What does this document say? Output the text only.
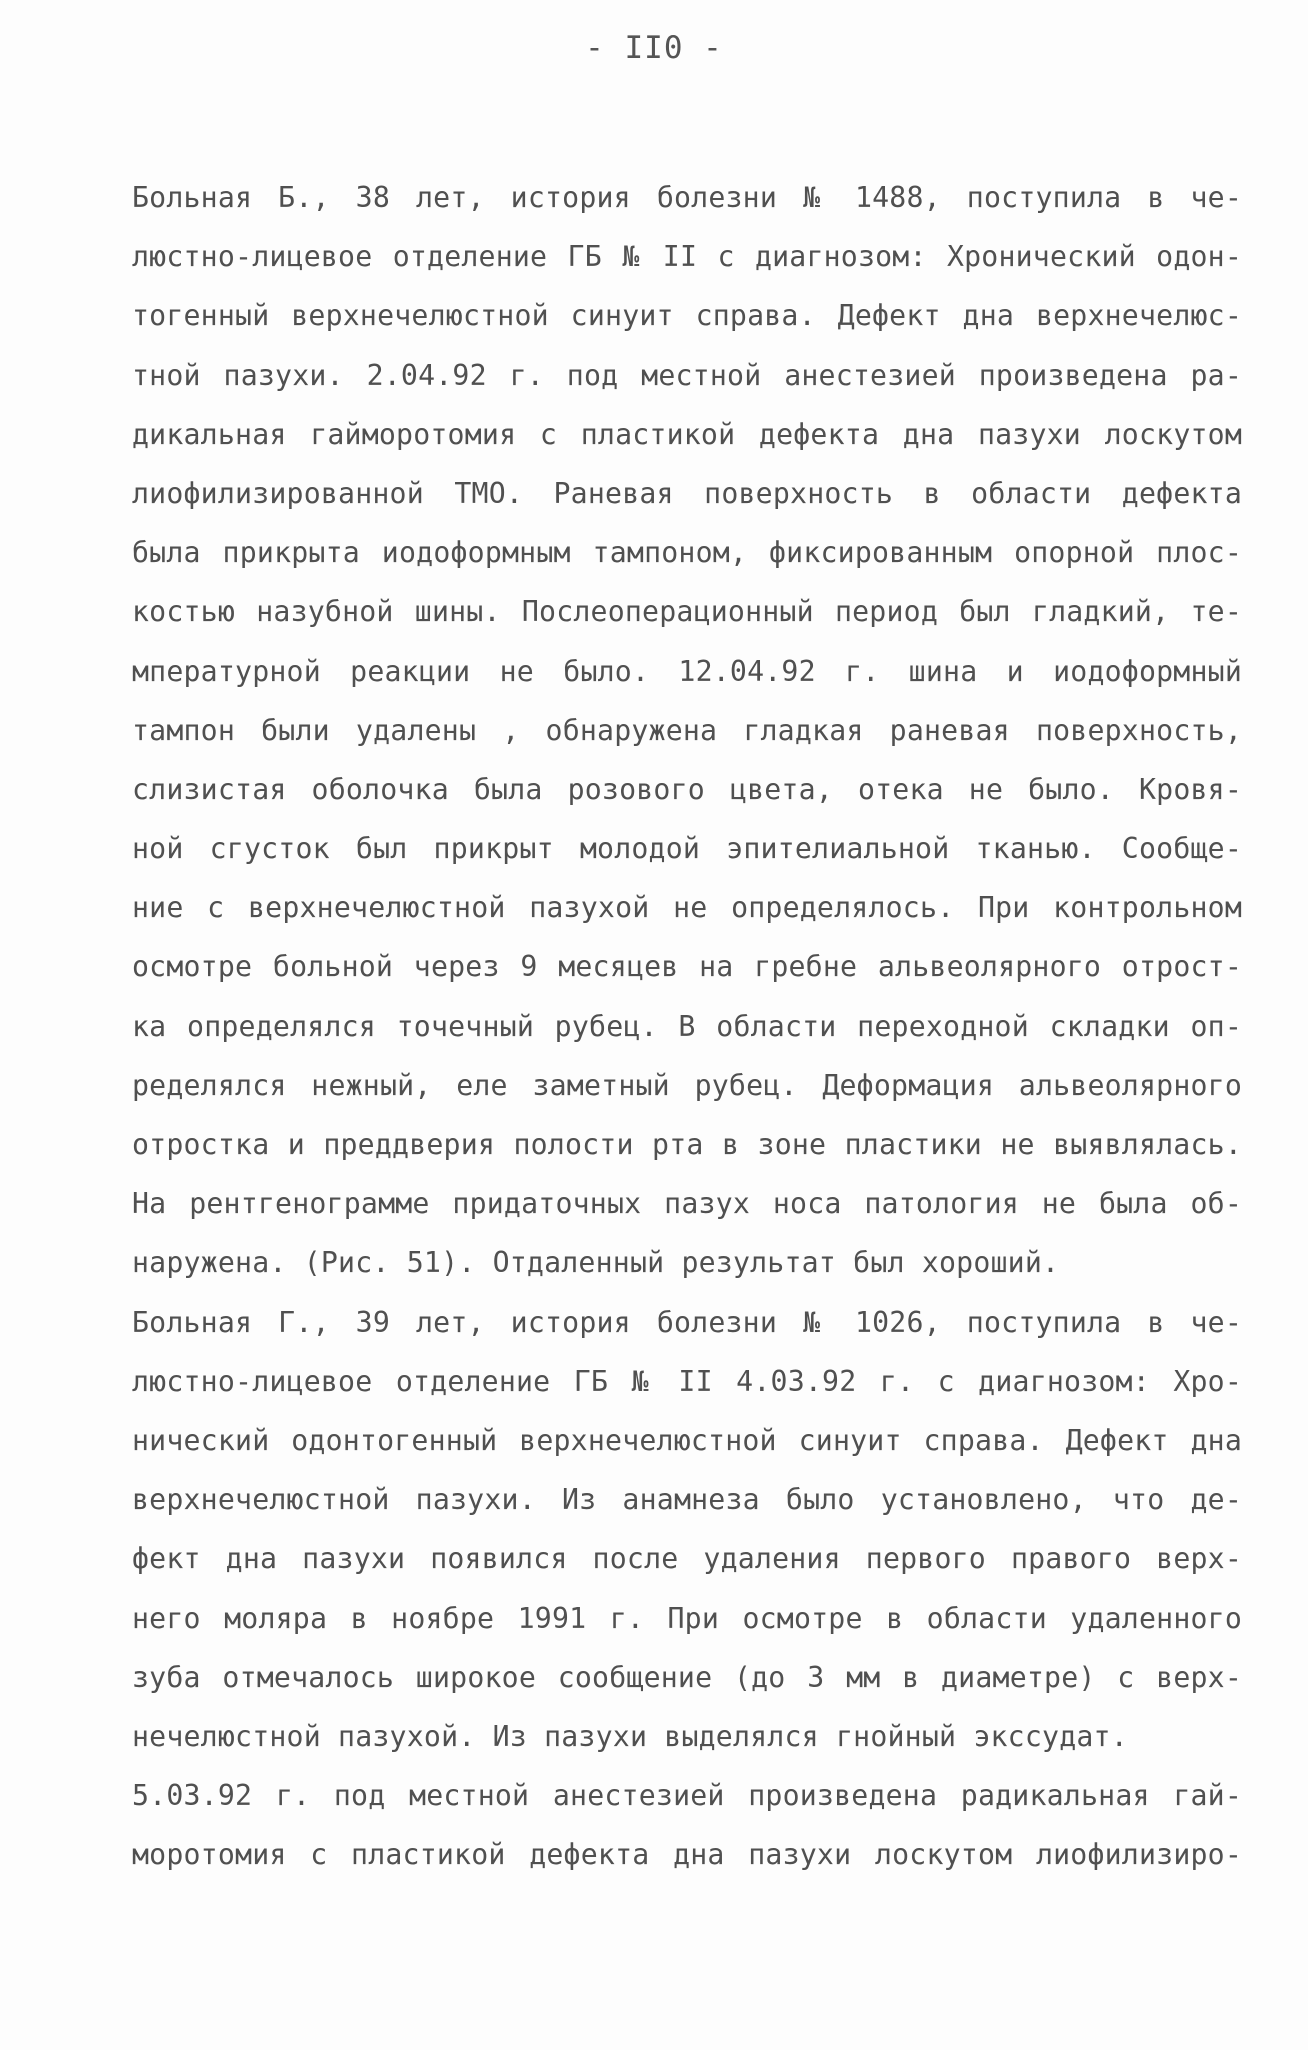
- II0 -
Больная Б., 38 лет, история болезни № 1488, поступила в че-
люстно-лицевое отделение ГБ № II с диагнозом: Хронический одон-
тогенный верхнечелюстной синуит справа. Дефект дна верхнечелюс-
тной пазухи. 2.04.92 г. под местной анестезией произведена ра-
дикальная гайморотомия с пластикой дефекта дна пазухи лоскутом
лиофилизированной ТМО. Раневая поверхность в области дефекта
была прикрыта иодоформным тампоном, фиксированным опорной плос-
костью назубной шины. Послеоперационный период был гладкий, те-
мпературной реакции не было. 12.04.92 г. шина и иодоформный
тампон были удалены , обнаружена гладкая раневая поверхность,
слизистая оболочка была розового цвета, отека не было. Кровя-
ной сгусток был прикрыт молодой эпителиальной тканью. Сообще-
ние с верхнечелюстной пазухой не определялось. При контрольном
осмотре больной через 9 месяцев на гребне альвеолярного отрост-
ка определялся точечный рубец. В области переходной складки оп-
ределялся нежный, еле заметный рубец. Деформация альвеолярного
отростка и преддверия полости рта в зоне пластики не выявлялась.
На рентгенограмме придаточных пазух носа патология не была об-
наружена. (Рис. 51). Отдаленный результат был хороший.
Больная Г., 39 лет, история болезни № 1026, поступила в че-
люстно-лицевое отделение ГБ № II 4.03.92 г. с диагнозом: Хро-
нический одонтогенный верхнечелюстной синуит справа. Дефект дна
верхнечелюстной пазухи. Из анамнеза было установлено, что де-
фект дна пазухи появился после удаления первого правого верх-
него моляра в ноябре 1991 г. При осмотре в области удаленного
зуба отмечалось широкое сообщение (до 3 мм в диаметре) с верх-
нечелюстной пазухой. Из пазухи выделялся гнойный экссудат.
5.03.92 г. под местной анестезией произведена радикальная гай-
моротомия с пластикой дефекта дна пазухи лоскутом лиофилизиро-
